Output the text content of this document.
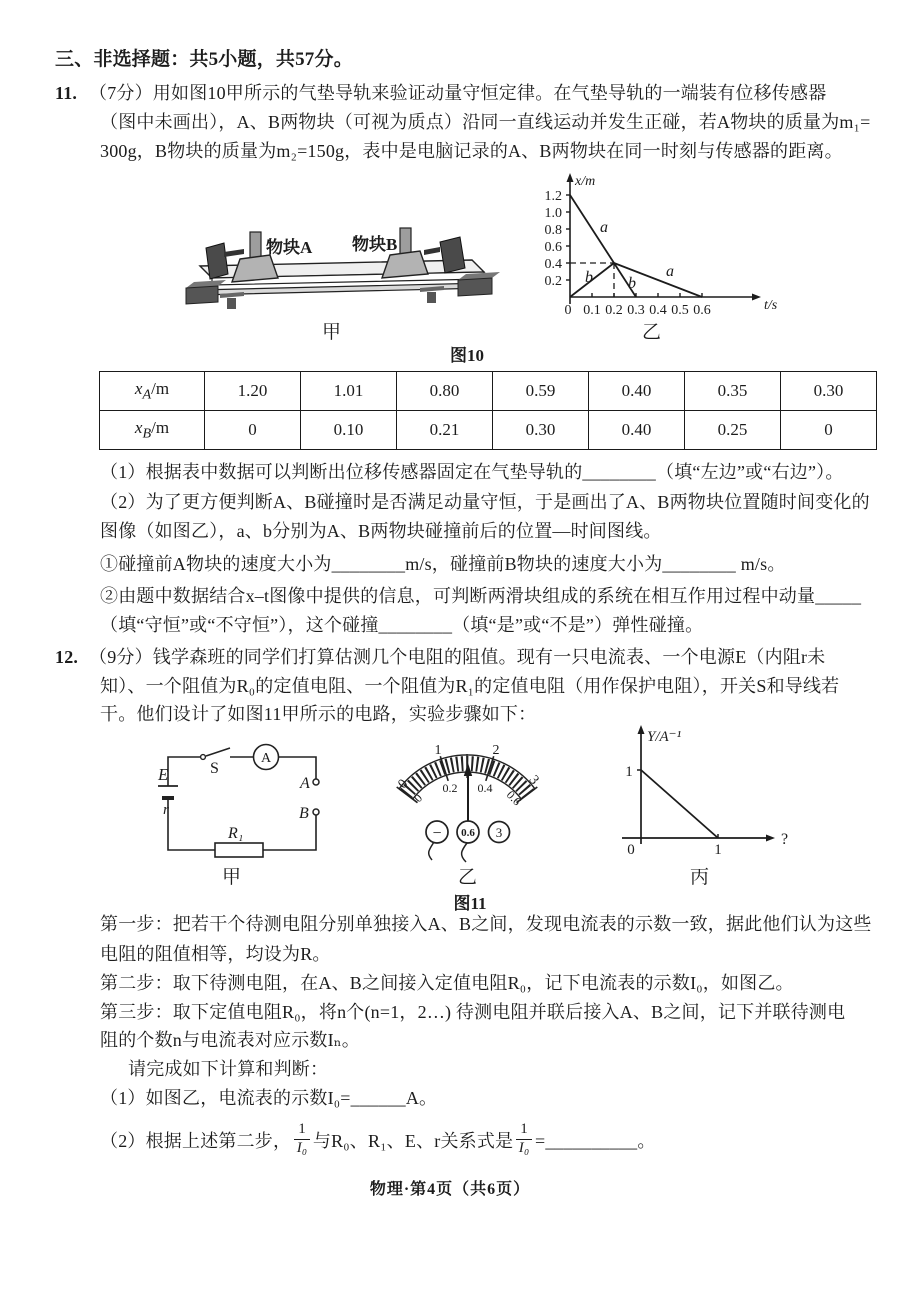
三、非选择题：共5小题，共57分。
11. （7分）用如图10甲所示的气垫导轨来验证动量守恒定律。在气垫导轨的一端装有位移传感器
（图中未画出），A、B两物块（可视为质点）沿同一直线运动并发生正碰，若A物块的质量为m₁=
300g，B物块的质量为m₂=150g，表中是电脑记录的A、B两物块在同一时刻与传感器的距离。
物块A 物块B
x/m
t/s
0.2
0.4
0.6
0.8
1.0
1.2
0 0.1 0.2 0.3 0.4 0.5 0.6
a
a
b b
甲	乙
图10
$x_A/m$	1.20	1.01	0.80	0.59	0.40	0.35	0.30
$x_B/m$	0	0.10	0.21	0.30	0.40	0.25	0
（1）根据表中数据可以判断出位移传感器固定在气垫导轨的________（填“左边”或“右边”）。
（2）为了更方便判断A、B碰撞时是否满足动量守恒，于是画出了A、B两物块位置随时间变化的
图像（如图乙），a、b分别为A、B两物块碰撞前后的位置—时间图线。
①碰撞前A物块的速度大小为________m/s，碰撞前B物块的速度大小为________ m/s。
②由题中数据结合x–t图像中提供的信息，可判断两滑块组成的系统在相互作用过程中动量_____
（填“守恒”或“不守恒”），这个碰撞________（填“是”或“不是”）弹性碰撞。
12. （9分）钱学森班的同学们打算估测几个电阻的阻值。现有一只电流表、一个电源E（内阻r未
知）、一个阻值为R₀的定值电阻、一个阻值为R₁的定值电阻（用作保护电阻），开关S和导线若
干。他们设计了如图11甲所示的电路，实验步骤如下：
E
r
S
A
A
B
R₁
0
1	2
3
0
0.2 0.4 0.6
− 0.6 3
Y/A⁻¹
?
1
1
0
甲	乙	丙
图11
第一步：把若干个待测电阻分别单独接入A、B之间，发现电流表的示数一致，据此他们认为这些
电阻的阻值相等，均设为R。
第二步：取下待测电阻，在A、B之间接入定值电阻R₀，记下电流表的示数I₀，如图乙。
第三步：取下定值电阻R₀，将n个(n=1，2…) 待测电阻并联后接入A、B之间，记下并联待测电
阻的个数n与电流表对应示数Iₙ。
请完成如下计算和判断：
（1）如图乙，电流表的示数I₀=______A。
（2）根据上述第二步， $\frac{1}{\text{I₀}}$ 与R₀、R₁、E、r关系式是 $\frac{1}{\text{I₀}}$ =__________。
物理·第4页（共6页）
